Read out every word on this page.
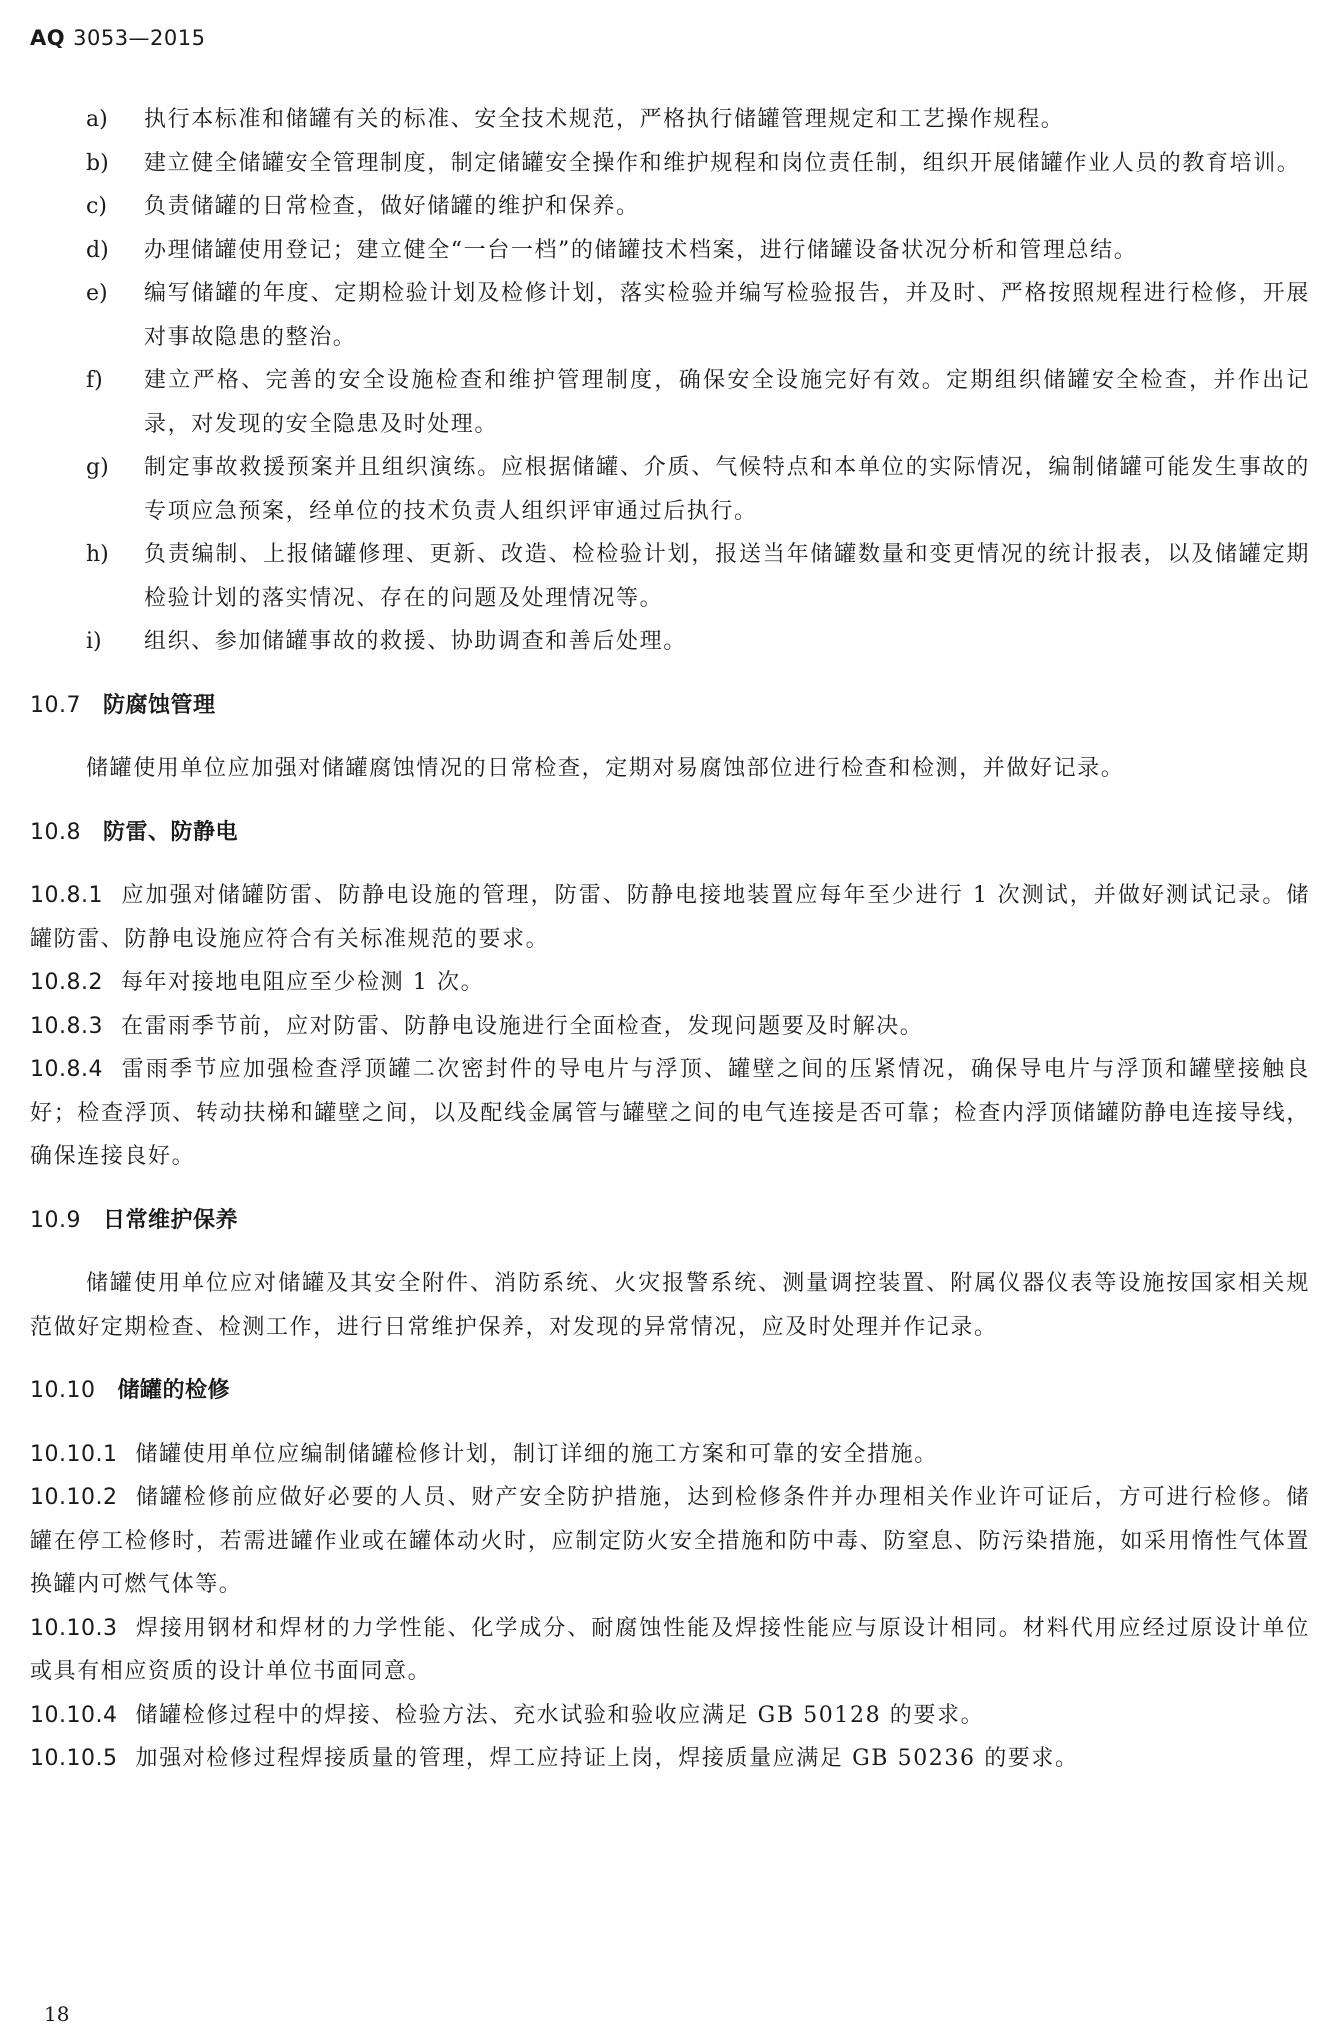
AQ 3053—2015
a)	执行本标准和储罐有关的标准、安全技术规范，严格执行储罐管理规定和工艺操作规程。
b)	建立健全储罐安全管理制度，制定储罐安全操作和维护规程和岗位责任制，组织开展储罐作业人员的教育培训。
c)	负责储罐的日常检查，做好储罐的维护和保养。
d)	办理储罐使用登记；建立健全“一台一档”的储罐技术档案，进行储罐设备状况分析和管理总结。
e)	编写储罐的年度、定期检验计划及检修计划，落实检验并编写检验报告，并及时、严格按照规程进行检修，开展对事故隐患的整治。
f)	建立严格、完善的安全设施检查和维护管理制度，确保安全设施完好有效。定期组织储罐安全检查，并作出记录，对发现的安全隐患及时处理。
g)	制定事故救援预案并且组织演练。应根据储罐、介质、气候特点和本单位的实际情况，编制储罐可能发生事故的专项应急预案，经单位的技术负责人组织评审通过后执行。
h)	负责编制、上报储罐修理、更新、改造、检检验计划，报送当年储罐数量和变更情况的统计报表，以及储罐定期检验计划的落实情况、存在的问题及处理情况等。
i)	组织、参加储罐事故的救援、协助调查和善后处理。
10.7 防腐蚀管理

储罐使用单位应加强对储罐腐蚀情况的日常检查，定期对易腐蚀部位进行检查和检测，并做好记录。

10.8 防雷、防静电

10.8.1 应加强对储罐防雷、防静电设施的管理，防雷、防静电接地装置应每年至少进行 1 次测试，并做好测试记录。储罐防雷、防静电设施应符合有关标准规范的要求。

10.8.2 每年对接地电阻应至少检测 1 次。

10.8.3 在雷雨季节前，应对防雷、防静电设施进行全面检查，发现问题要及时解决。

10.8.4 雷雨季节应加强检查浮顶罐二次密封件的导电片与浮顶、罐壁之间的压紧情况，确保导电片与浮顶和罐壁接触良好；检查浮顶、转动扶梯和罐壁之间，以及配线金属管与罐壁之间的电气连接是否可靠；检查内浮顶储罐防静电连接导线，确保连接良好。

10.9 日常维护保养

储罐使用单位应对储罐及其安全附件、消防系统、火灾报警系统、测量调控装置、附属仪器仪表等设施按国家相关规范做好定期检查、检测工作，进行日常维护保养，对发现的异常情况，应及时处理并作记录。

10.10 储罐的检修

10.10.1 储罐使用单位应编制储罐检修计划，制订详细的施工方案和可靠的安全措施。

10.10.2 储罐检修前应做好必要的人员、财产安全防护措施，达到检修条件并办理相关作业许可证后，方可进行检修。储罐在停工检修时，若需进罐作业或在罐体动火时，应制定防火安全措施和防中毒、防窒息、防污染措施，如采用惰性气体置换罐内可燃气体等。

10.10.3 焊接用钢材和焊材的力学性能、化学成分、耐腐蚀性能及焊接性能应与原设计相同。材料代用应经过原设计单位或具有相应资质的设计单位书面同意。

10.10.4 储罐检修过程中的焊接、检验方法、充水试验和验收应满足 GB 50128 的要求。

10.10.5 加强对检修过程焊接质量的管理，焊工应持证上岗，焊接质量应满足 GB 50236 的要求。

18
